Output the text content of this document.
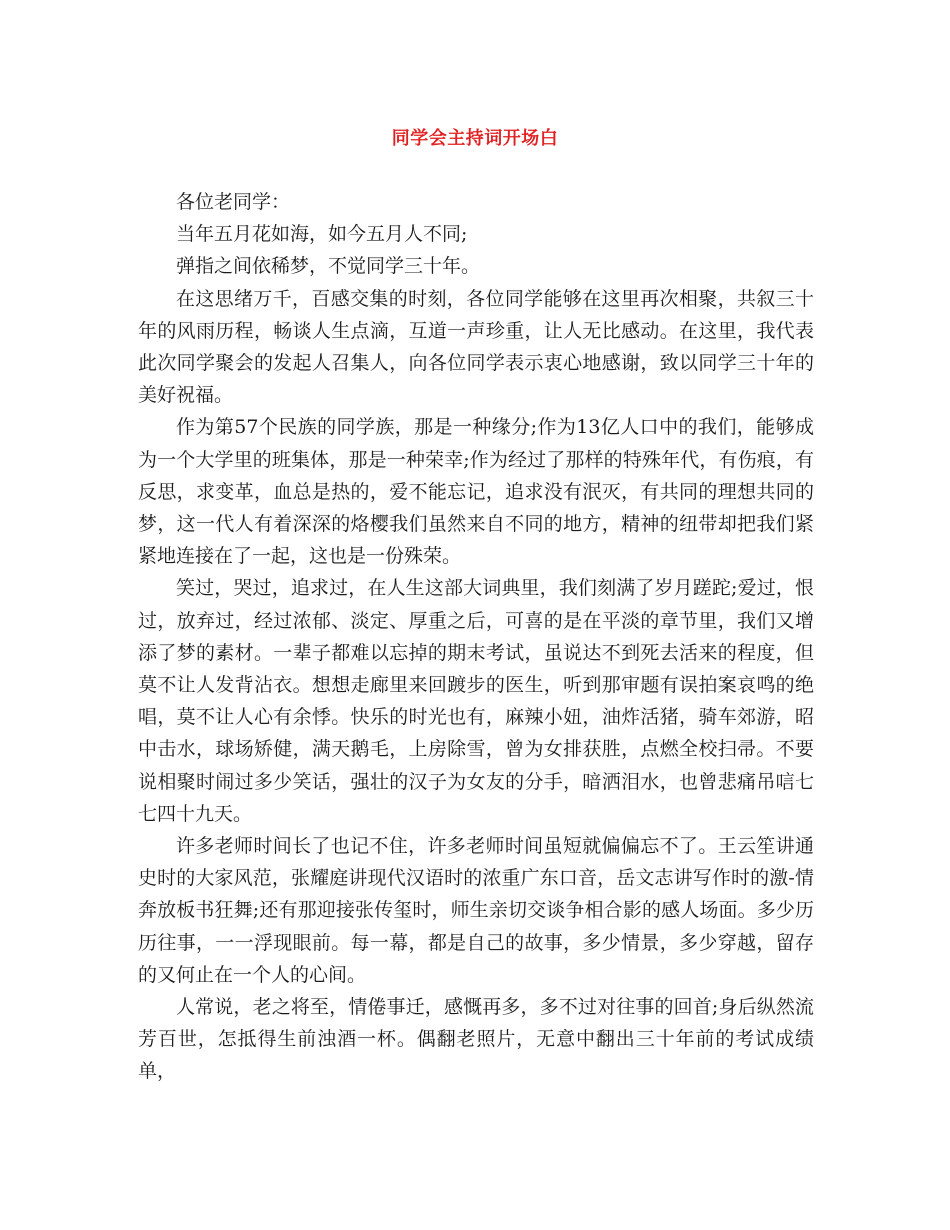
同学会主持词开场白

各位老同学：

当年五月花如海，如今五月人不同;

弹指之间依稀梦，不觉同学三十年。

在这思绪万千，百感交集的时刻，各位同学能够在这里再次相聚，共叙三十年的风雨历程，畅谈人生点滴，互道一声珍重，让人无比感动。在这里，我代表此次同学聚会的发起人召集人，向各位同学表示衷心地感谢，致以同学三十年的美好祝福。

作为第57个民族的同学族，那是一种缘分;作为13亿人口中的我们，能够成为一个大学里的班集体，那是一种荣幸;作为经过了那样的特殊年代，有伤痕，有反思，求变革，血总是热的，爱不能忘记，追求没有泯灭，有共同的理想共同的梦，这一代人有着深深的烙樱我们虽然来自不同的地方，精神的纽带却把我们紧紧地连接在了一起，这也是一份殊荣。

笑过，哭过，追求过，在人生这部大词典里，我们刻满了岁月蹉跎;爱过，恨过，放弃过，经过浓郁、淡定、厚重之后，可喜的是在平淡的章节里，我们又增添了梦的素材。一辈子都难以忘掉的期末考试，虽说达不到死去活来的程度，但莫不让人发背沾衣。想想走廊里来回踱步的医生，听到那审题有误拍案哀鸣的绝唱，莫不让人心有余悸。快乐的时光也有，麻辣小妞，油炸活猪，骑车郊游，昭中击水，球场矫健，满天鹅毛，上房除雪，曾为女排获胜，点燃全校扫帚。不要说相聚时闹过多少笑话，强壮的汉子为女友的分手，暗洒泪水，也曾悲痛吊唁七七四十九天。

许多老师时间长了也记不住，许多老师时间虽短就偏偏忘不了。王云笙讲通史时的大家风范，张耀庭讲现代汉语时的浓重广东口音，岳文志讲写作时的激-情奔放板书狂舞;还有那迎接张传玺时，师生亲切交谈争相合影的感人场面。多少历历往事，一一浮现眼前。每一幕，都是自己的故事，多少情景，多少穿越，留存的又何止在一个人的心间。

人常说，老之将至，情倦事迁，感慨再多，多不过对往事的回首;身后纵然流芳百世，怎抵得生前浊酒一杯。偶翻老照片，无意中翻出三十年前的考试成绩单，
